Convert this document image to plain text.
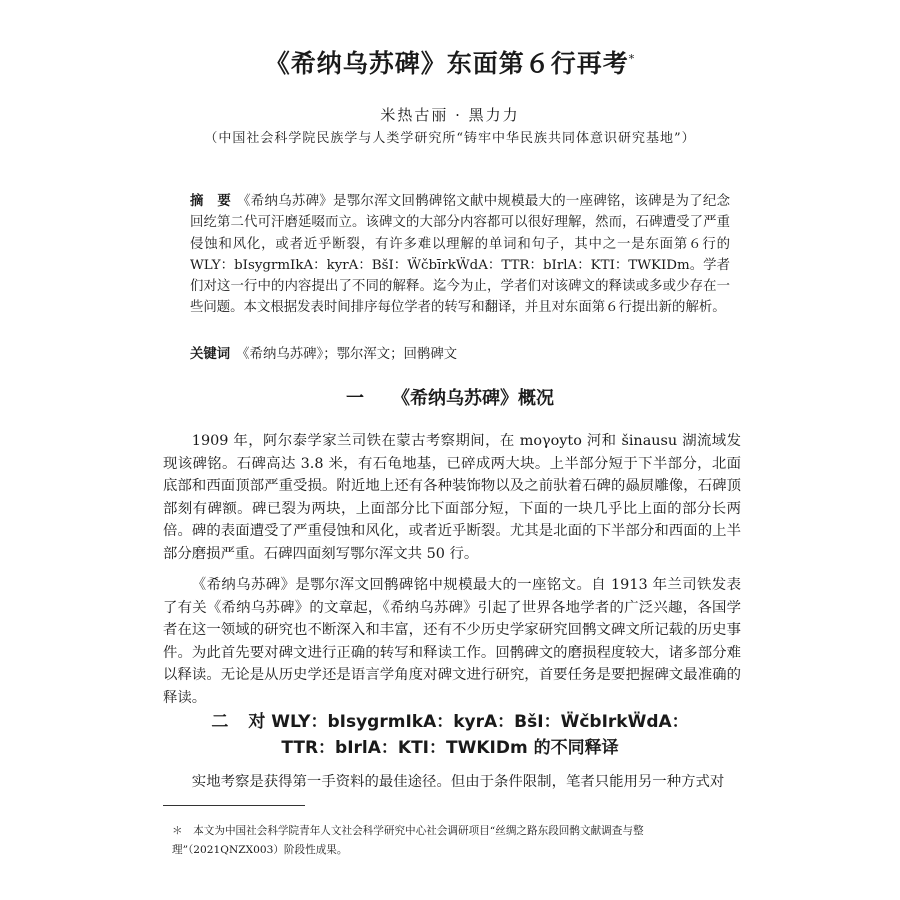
《希纳乌苏碑》东面第６行再考*
米热古丽 · 黑力力
（中国社会科学院民族学与人类学研究所“铸牢中华民族共同体意识研究基地”）

摘　要 《希纳乌苏碑》是鄂尔浑文回鹘碑铭文献中规模最大的一座碑铭，该碑是为了纪念回纥第二代可汗磨延啜而立。该碑文的大部分内容都可以很好理解，然而，石碑遭受了严重侵蚀和风化，或者近乎断裂，有许多难以理解的单词和句子，其中之一是东面第６行的 WLY：bIsygrmIkA：kyrA：BšI：ẄčbīrkẄdA：TTR：bIrlA：KTI：TWKIDm。学者们对这一行中的内容提出了不同的解释。迄今为止，学者们对该碑文的释读或多或少存在一些问题。本文根据发表时间排序每位学者的转写和翻译，并且对东面第６行提出新的解析。

关键词 《希纳乌苏碑》；鄂尔浑文；回鹘碑文

一 《希纳乌苏碑》概况

1909 年，阿尔泰学家兰司铁在蒙古考察期间，在 moγoyto 河和 šinausu 湖流域发现该碑铭。石碑高达 3.8 米，有石龟地基，已碎成两大块。上半部分短于下半部分，北面底部和西面顶部严重受损。附近地上还有各种装饰物以及之前驮着石碑的赑屃雕像，石碑顶部刻有碑额。碑已裂为两块，上面部分比下面部分短，下面的一块几乎比上面的部分长两倍。碑的表面遭受了严重侵蚀和风化，或者近乎断裂。尤其是北面的下半部分和西面的上半部分磨损严重。石碑四面刻写鄂尔浑文共 50 行。

《希纳乌苏碑》是鄂尔浑文回鹘碑铭中规模最大的一座铭文。自 1913 年兰司铁发表了有关《希纳乌苏碑》的文章起，《希纳乌苏碑》引起了世界各地学者的广泛兴趣，各国学者在这一领域的研究也不断深入和丰富，还有不少历史学家研究回鹘文碑文所记载的历史事件。为此首先要对碑文进行正确的转写和释读工作。回鹘碑文的磨损程度较大，诸多部分难以释读。无论是从历史学还是语言学角度对碑文进行研究，首要任务是要把握碑文最准确的释读。

二 对 WLY：bIsygrmIkA：kyrA：BšI：ẄčbIrkẄdA：
TTR：bIrlA：KTI：TWKIDm 的不同释译

实地考察是获得第一手资料的最佳途径。但由于条件限制，笔者只能用另一种方式对

＊　本文为中国社会科学院青年人文社会科学研究中心社会调研项目“丝绸之路东段回鹘文献调查与整理”（2021QNZX003）阶段性成果。
